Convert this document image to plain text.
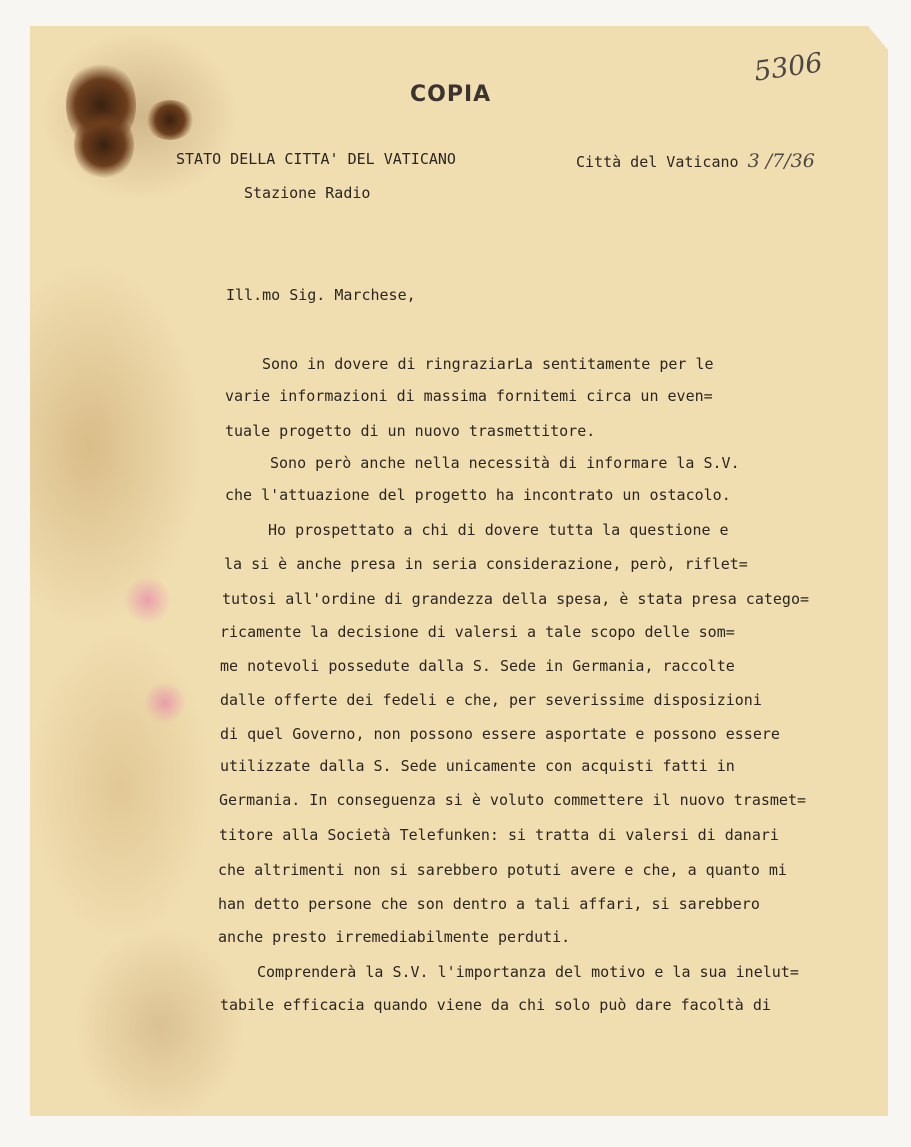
COPIA
5306
STATO DELLA CITTA' DEL VATICANO
Stazione Radio
Città del Vaticano 3 /7/36
Ill.mo Sig. Marchese,
Sono in dovere di ringraziarLa sentitamente per le
varie informazioni di massima fornitemi circa un even=
tuale progetto di un nuovo trasmettitore.
Sono però anche nella necessità di informare la S.V.
che l'attuazione del progetto ha incontrato un ostacolo.
Ho prospettato a chi di dovere tutta la questione e
la si è anche presa in seria considerazione, però, riflet=
tutosi all'ordine di grandezza della spesa, è stata presa catego=
ricamente la decisione di valersi a tale scopo delle som=
me notevoli possedute dalla S. Sede in Germania, raccolte
dalle offerte dei fedeli e che, per severissime disposizioni
di quel Governo, non possono essere asportate e possono essere
utilizzate dalla S. Sede unicamente con acquisti fatti in
Germania. In conseguenza si è voluto commettere il nuovo trasmet=
titore alla Società Telefunken: si tratta di valersi di danari
che altrimenti non si sarebbero potuti avere e che, a quanto mi
han detto persone che son dentro a tali affari, si sarebbero
anche presto irremediabilmente perduti.
Comprenderà la S.V. l'importanza del motivo e la sua inelut=
tabile efficacia quando viene da chi solo può dare facoltà di
